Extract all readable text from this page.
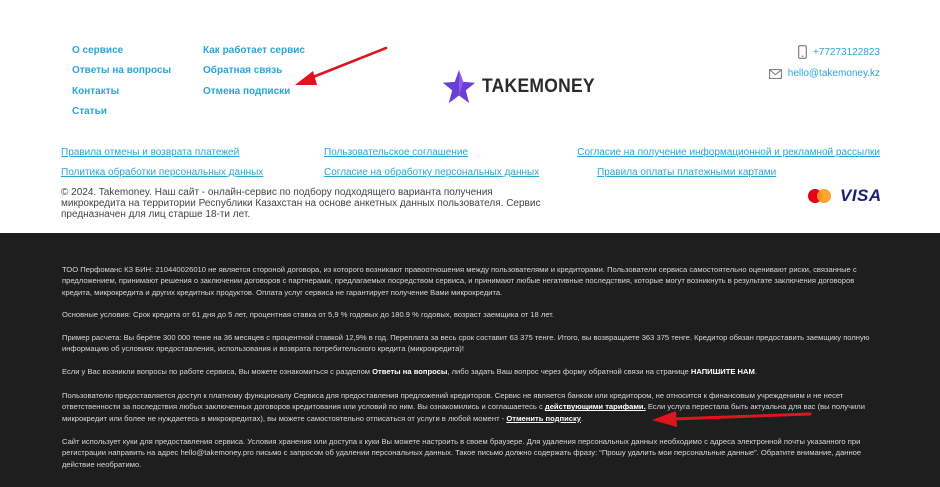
О сервисе
Ответы на вопросы
Контакты
Статьи
Как работает сервис
Обратная связь
Отмена подписки	TAKEMONEY
+77273122823
hello@takemoney.kz
Правила отмены и возврата платежей	Пользовательское соглашение	Согласие на получение информационной и рекламной рассылки
Политика обработки персональных данных	Согласие на обработку персональных данных	Правила оплаты платежными картами

© 2024. Takemoney. Наш сайт - онлайн-сервис по подбору подходящего варианта получения микрокредита на территории Республики Казахстан на основе анкетных данных пользователя. Сервис предназначен для лиц старше 18-ти лет.

VISA

ТОО Перфоманс КЗ БИН: 210440026010 не является стороной договора, из которого возникают правоотношения между пользователями и кредиторами. Пользователи сервиса самостоятельно оценивают риски, связанные с предложением, принимают решения о заключении договоров с партнерами, предлагаемых посредством сервиса, и принимают любые негативные последствия, которые могут возникнуть в результате заключения договоров кредита, микрокредита и других кредитных продуктов. Оплата услуг сервиса не гарантирует получение Вами микрокредита.

Основные условия: Срок кредита от 61 дня до 5 лет, процентная ставка от 5,9 % годовых до 180.9 % годовых, возраст заемщика от 18 лет.

Пример расчета: Вы берёте 300 000 тенге на 36 месяцев с процентной ставкой 12,9% в год. Переплата за весь срок составит 63 375 тенге. Итого, вы возвращаете 363 375 тенге. Кредитор обязан предоставить заемщику полную информацию об условиях предоставления, использования и возврата потребительского кредита (микрокредита)!

Если у Вас возникли вопросы по работе сервиса, Вы можете ознакомиться с разделом Ответы на вопросы, либо задать Ваш вопрос через форму обратной связи на странице НАПИШИТЕ НАМ.

Пользователю предоставляется доступ к платному функционалу Сервиса для предоставления предложений кредиторов. Сервис не является банком или кредитором, не относится к финансовым учреждениям и не несет ответственности за последствия любых заключенных договоров кредитования или условий по ним. Вы ознакомились и соглашаетесь с действующими тарифами. Если услуга перестала быть актуальна для вас (вы получили микрокредит или более не нуждаетесь в микрокредитах), вы можете самостоятельно отписаться от услуги в любой момент - Отменить подписку.

Сайт использует куки для предоставления сервиса. Условия хранения или доступа к куки Вы можете настроить в своем браузере. Для удаления персональных данных необходимо с адреса электронной почты указанного при регистрации направить на адрес hello@takemoney.pro письмо с запросом об удалении персональных данных. Такое письмо должно содержать фразу: “Прошу удалить мои персональные данные”. Обратите внимание, данное действие необратимо.
